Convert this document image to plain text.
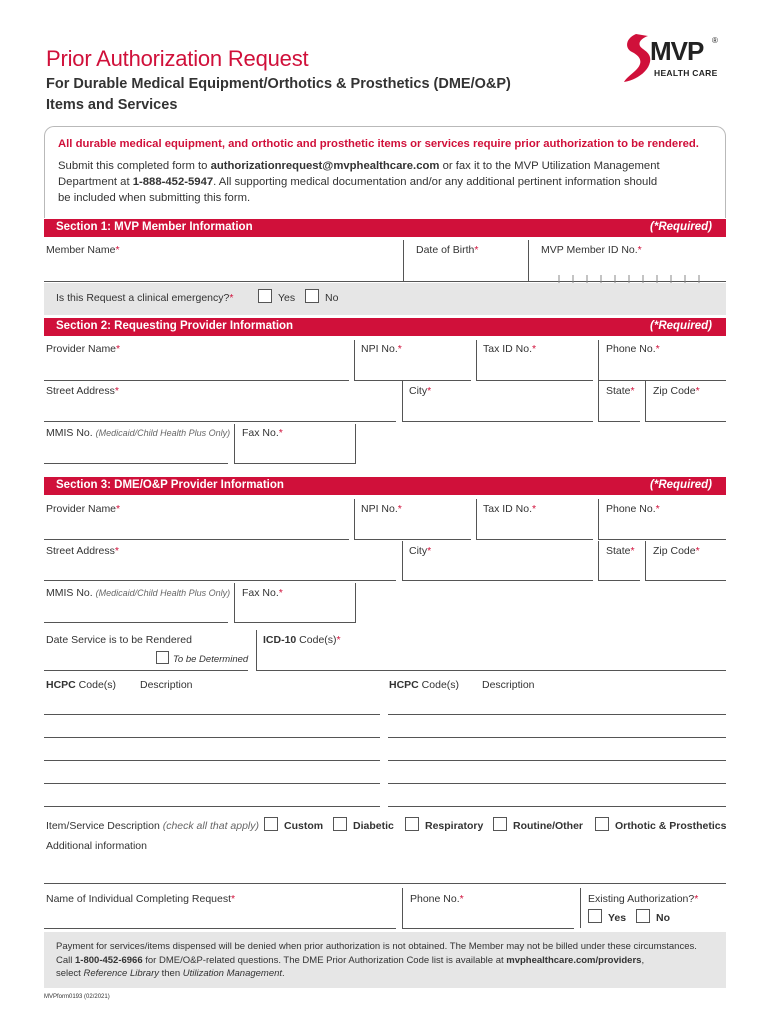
Prior Authorization Request
For Durable Medical Equipment/Orthotics & Prosthetics (DME/O&P)
Items and Services
MVP ®
HEALTH CARE
All durable medical equipment, and orthotic and prosthetic items or services require prior authorization to be rendered.
Submit this completed form to authorizationrequest@mvphealthcare.com or fax it to the MVP Utilization Management
Department at 1-888-452-5947. All supporting medical documentation and/or any additional pertinent information should
be included when submitting this form.
Section 1: MVP Member Information	(*Required)
Member Name*	Date of Birth*	MVP Member ID No.*
Is this Request a clinical emergency?*	Yes	No
Section 2: Requesting Provider Information	(*Required)
Provider Name*	NPI No.*	Tax ID No.*	Phone No.*
Street Address*	City*	State* Zip Code*
MMIS No. (Medicaid/Child Health Plus Only) Fax No.*
Section 3: DME/O&P Provider Information	(*Required)
Provider Name*	NPI No.*	Tax ID No.*	Phone No.*
Street Address*	City*	State* Zip Code*
MMIS No. (Medicaid/Child Health Plus Only) Fax No.*
Date Service is to be Rendered
To be Determined
ICD-10 Code(s)*
HCPC Code(s) Description	HCPC Code(s) Description
Item/Service Description (check all that apply) Custom	Diabetic	Respiratory	Routine/Other	Orthotic & Prosthetics
Additional information
Name of Individual Completing Request*	Phone No.*	Existing Authorization?*
Yes	No
Payment for services/items dispensed will be denied when prior authorization is not obtained. The Member may not be billed under these circumstances.
Call 1-800-452-6966 for DME/O&P-related questions. The DME Prior Authorization Code list is available at mvphealthcare.com/providers,
select Reference Library then Utilization Management.
MVPform0193 (02/2021)
